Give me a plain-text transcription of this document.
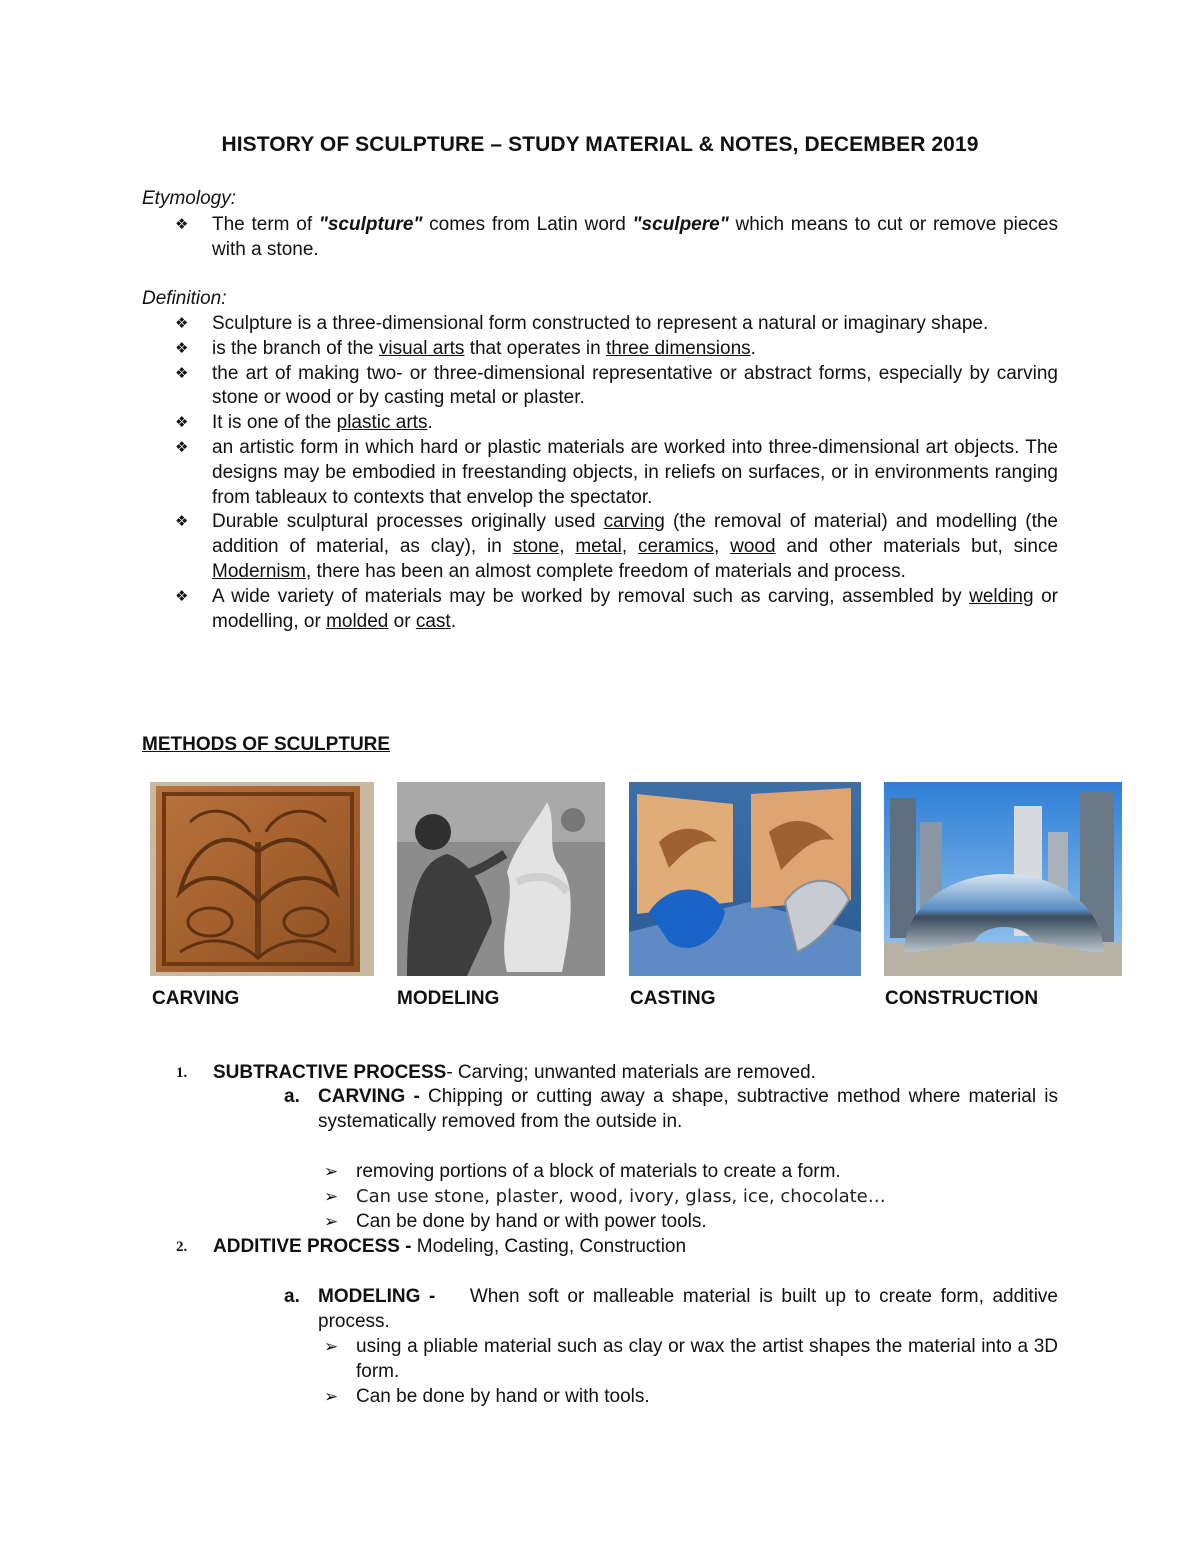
HISTORY OF SCULPTURE – STUDY MATERIAL & NOTES, DECEMBER 2019
Etymology:
❖ The term of "sculpture" comes from Latin word "sculpere" which means to cut or remove pieces with a stone.
Definition:
❖ Sculpture is a three-dimensional form constructed to represent a natural or imaginary shape.
❖ is the branch of the visual arts that operates in three dimensions.
❖ the art of making two- or three-dimensional representative or abstract forms, especially by carving stone or wood or by casting metal or plaster.
❖ It is one of the plastic arts.
❖ an artistic form in which hard or plastic materials are worked into three-dimensional art objects. The designs may be embodied in freestanding objects, in reliefs on surfaces, or in environments ranging from tableaux to contexts that envelop the spectator.
❖ Durable sculptural processes originally used carving (the removal of material) and modelling (the addition of material, as clay), in stone, metal, ceramics, wood and other materials but, since Modernism, there has been an almost complete freedom of materials and process.
❖ A wide variety of materials may be worked by removal such as carving, assembled by welding or modelling, or molded or cast.
METHODS OF SCULPTURE
CARVING	MODELING	CASTING	CONSTRUCTION
1. SUBTRACTIVE PROCESS- Carving; unwanted materials are removed.
a. CARVING - Chipping or cutting away a shape, subtractive method where material is systematically removed from the outside in.
➢ removing portions of a block of materials to create a form.
➢ Can use stone, plaster, wood, ivory, glass, ice, chocolate…
➢ Can be done by hand or with power tools.
2. ADDITIVE PROCESS - Modeling, Casting, Construction
a. MODELING -    When soft or malleable material is built up to create form, additive process.
➢ using a pliable material such as clay or wax the artist shapes the material into a 3D form.
➢ Can be done by hand or with tools.
